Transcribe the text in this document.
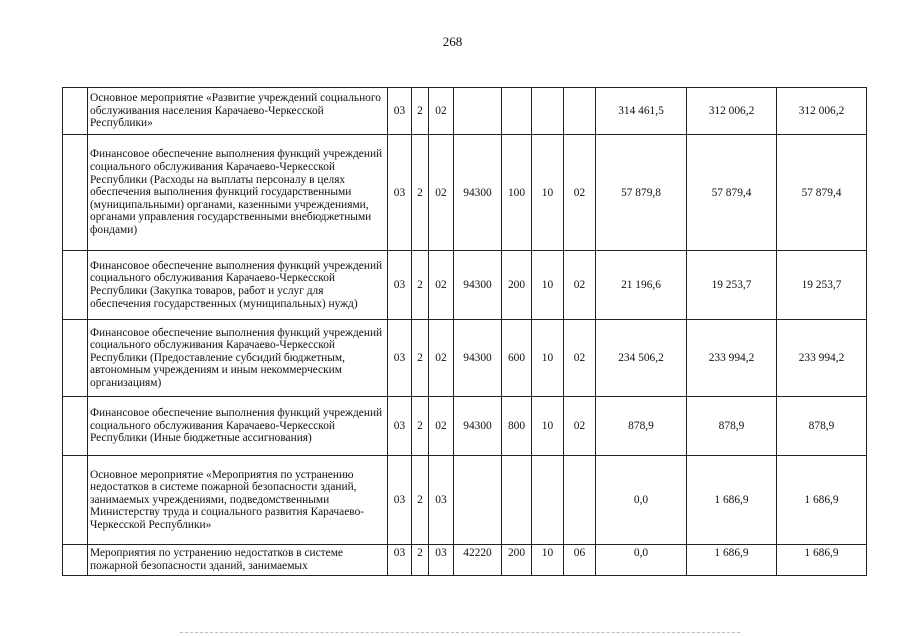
268
	Основное мероприятие «Развитие учреждений социального обслуживания населения Карачаево-Черкесской Республики»	03	2	02					314 461,5	312 006,2	312 006,2
	Финансовое обеспечение выполнения функций учреждений социального обслуживания Карачаево-Черкесской Республики (Расходы на выплаты персоналу в целях обеспечения выполнения функций государственными (муниципальными) органами, казенными учреждениями, органами управления государственными внебюджетными фондами)	03	2	02	94300	100	10	02	57 879,8	57 879,4	57 879,4
	Финансовое обеспечение выполнения функций учреждений социального обслуживания Карачаево-Черкесской Республики (Закупка товаров, работ и услуг для обеспечения государственных (муниципальных) нужд)	03	2	02	94300	200	10	02	21 196,6	19 253,7	19 253,7
	Финансовое обеспечение выполнения функций учреждений социального обслуживания Карачаево-Черкесской Республики (Предоставление субсидий бюджетным, автономным учреждениям и иным некоммерческим организациям)	03	2	02	94300	600	10	02	234 506,2	233 994,2	233 994,2
	Финансовое обеспечение выполнения функций учреждений социального обслуживания Карачаево-Черкесской Республики (Иные бюджетные ассигнования)	03	2	02	94300	800	10	02	878,9	878,9	878,9
	Основное мероприятие «Мероприятия по устранению недостатков в системе пожарной безопасности зданий, занимаемых учреждениями, подведомственными Министерству труда и социального развития Карачаево-Черкесской Республики»	03	2	03					0,0	1 686,9	1 686,9
	Мероприятия по устранению недостатков в системе пожарной безопасности зданий, занимаемых	03	2	03	42220	200	10	06	0,0	1 686,9	1 686,9
